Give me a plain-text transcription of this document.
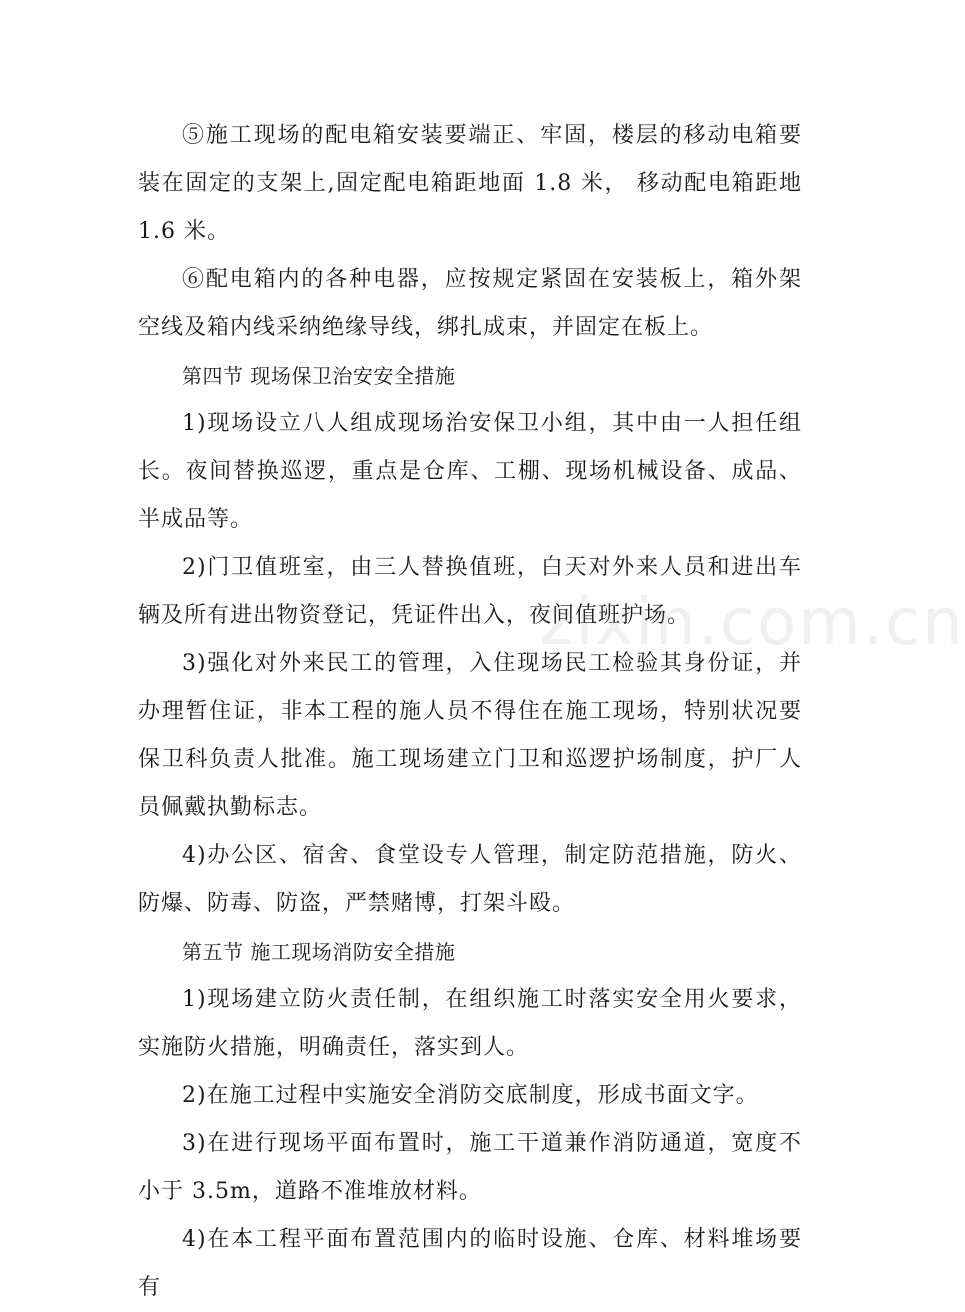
⑤施工现场的配电箱安装要端正、牢固，楼层的移动电箱要装在固定的支架上,固定配电箱距地面 1.8 米， 移动配电箱距地 1.6 米。

⑥配电箱内的各种电器，应按规定紧固在安装板上，箱外架空线及箱内线采纳绝缘导线，绑扎成束，并固定在板上。

第四节 现场保卫治安安全措施

1)现场设立八人组成现场治安保卫小组，其中由一人担任组长。夜间替换巡逻，重点是仓库、工棚、现场机械设备、成品、半成品等。

2)门卫值班室，由三人替换值班，白天对外来人员和进出车辆及所有进出物资登记，凭证件出入，夜间值班护场。

3)强化对外来民工的管理，入住现场民工检验其身份证，并办理暂住证，非本工程的施人员不得住在施工现场，特别状况要保卫科负责人批准。施工现场建立门卫和巡逻护场制度，护厂人员佩戴执勤标志。

4)办公区、宿舍、食堂设专人管理，制定防范措施，防火、防爆、防毒、防盗，严禁赌博，打架斗殴。

第五节 施工现场消防安全措施

1)现场建立防火责任制，在组织施工时落实安全用火要求，实施防火措施，明确责任，落实到人。

2)在施工过程中实施安全消防交底制度，形成书面文字。

3)在进行现场平面布置时，施工干道兼作消防通道，宽度不小于 3.5m，道路不准堆放材料。

4)在本工程平面布置范围内的临时设施、仓库、材料堆场要有

zixin.com.cn
